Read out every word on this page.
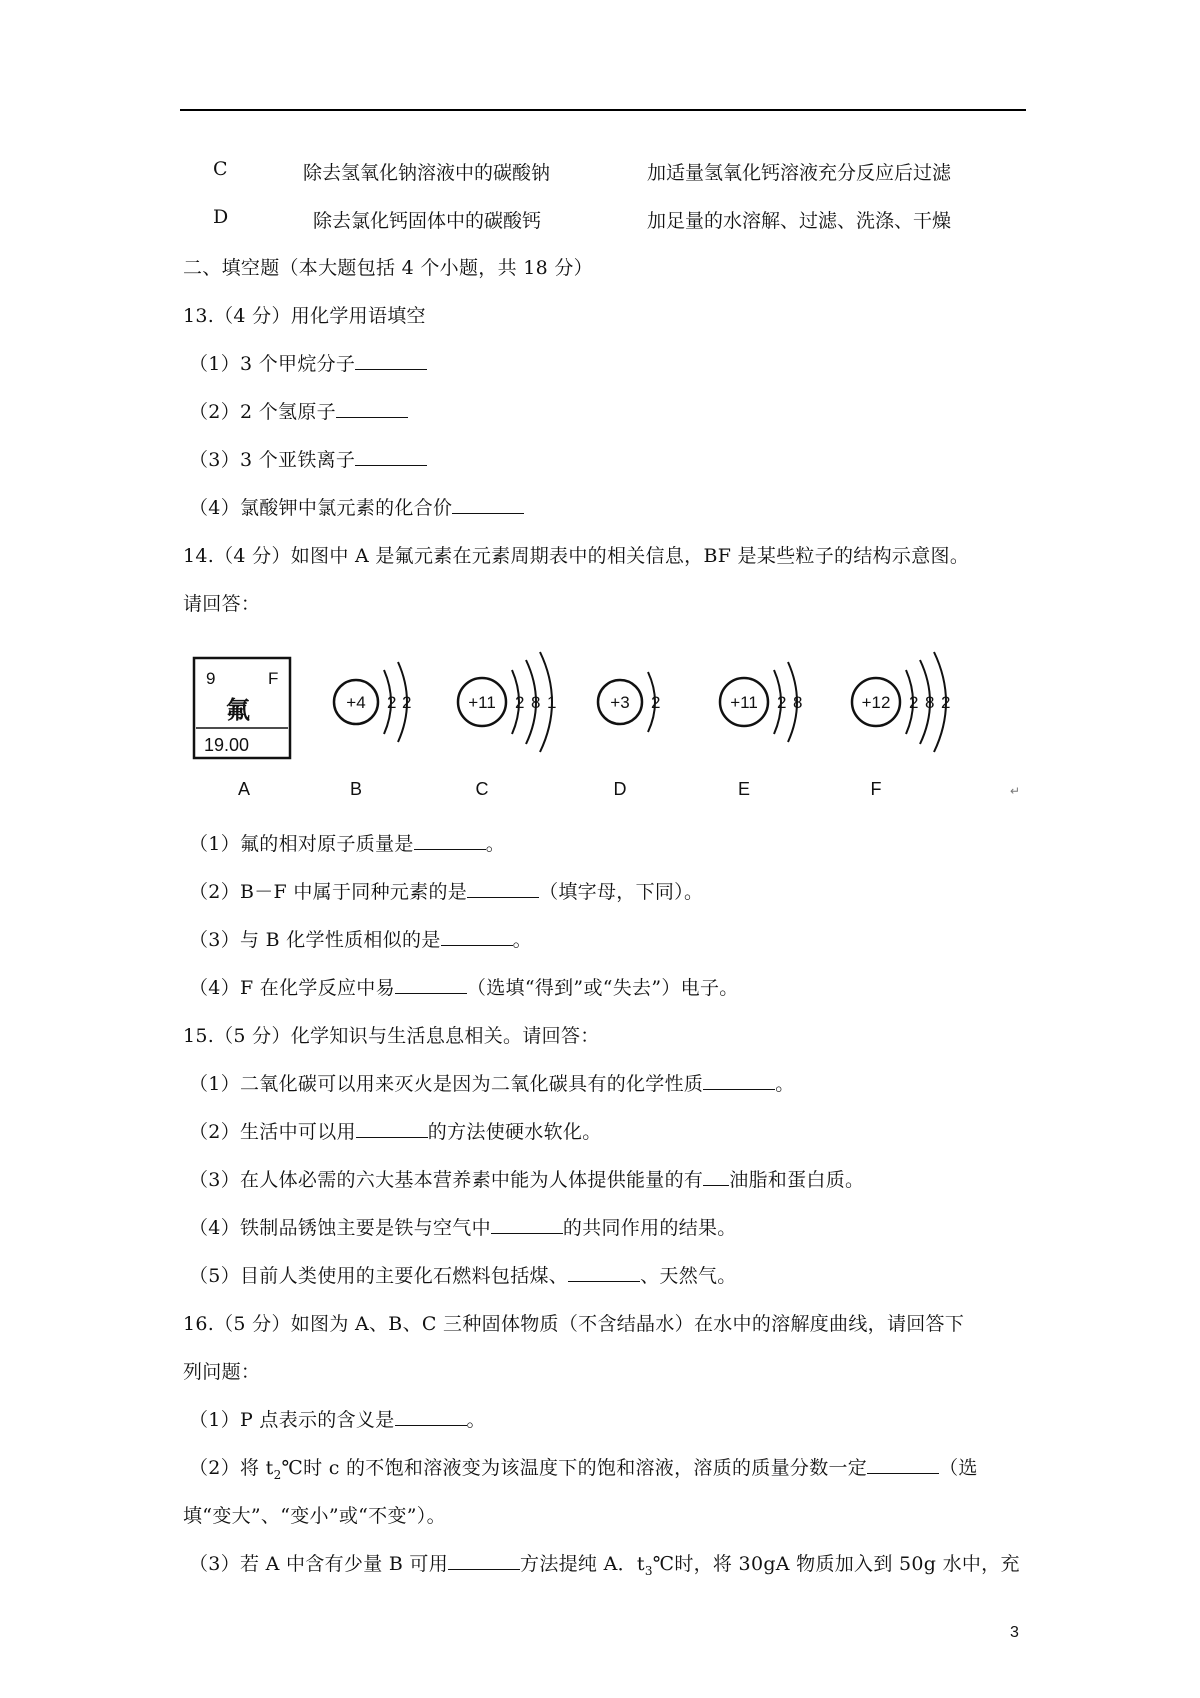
C	除去氢氧化钠溶液中的碳酸钠	加适量氢氧化钙溶液充分反应后过滤
D	除去氯化钙固体中的碳酸钙	加足量的水溶解、过滤、洗涤、干燥
二、填空题（本大题包括 4 个小题，共 18 分）
13.（4 分）用化学用语填空
（1）3 个甲烷分子
（2）2 个氢原子
（3）3 个亚铁离子
（4）氯酸钾中氯元素的化合价
14.（4 分）如图中 A 是氟元素在元素周期表中的相关信息，BF 是某些粒子的结构示意图。
请回答：
9	F
氟
19.00
A
+4 2 2
B
+11 2 8 1
C
+3 2
D
+11 2 8
E
+12 2 8 2
F	↵
（1）氟的相对原子质量是	。
（2）B－F 中属于同种元素的是	（填字母，下同）。
（3）与 B 化学性质相似的是	。
（4）F 在化学反应中易	（选填“得到”或“失去”）电子。
15.（5 分）化学知识与生活息息相关。请回答：
（1）二氧化碳可以用来灭火是因为二氧化碳具有的化学性质	。
（2）生活中可以用	的方法使硬水软化。
（3）在人体必需的六大基本营养素中能为人体提供能量的有 油脂和蛋白质。
（4）铁制品锈蚀主要是铁与空气中	的共同作用的结果。
（5）目前人类使用的主要化石燃料包括煤、	、天然气。
16.（5 分）如图为 A、B、C 三种固体物质（不含结晶水）在水中的溶解度曲线，请回答下
列问题：
（1）P 点表示的含义是	。
（2）将 $t_2℃$时 c 的不饱和溶液变为该温度下的饱和溶液，溶质的质量分数一定	（选
填“变大”、“变小”或“不变”）。
（3）若 A 中含有少量 B 可用	方法提纯 A．$t_3℃$时，将 30gA 物质加入到 50g 水中，充
3
